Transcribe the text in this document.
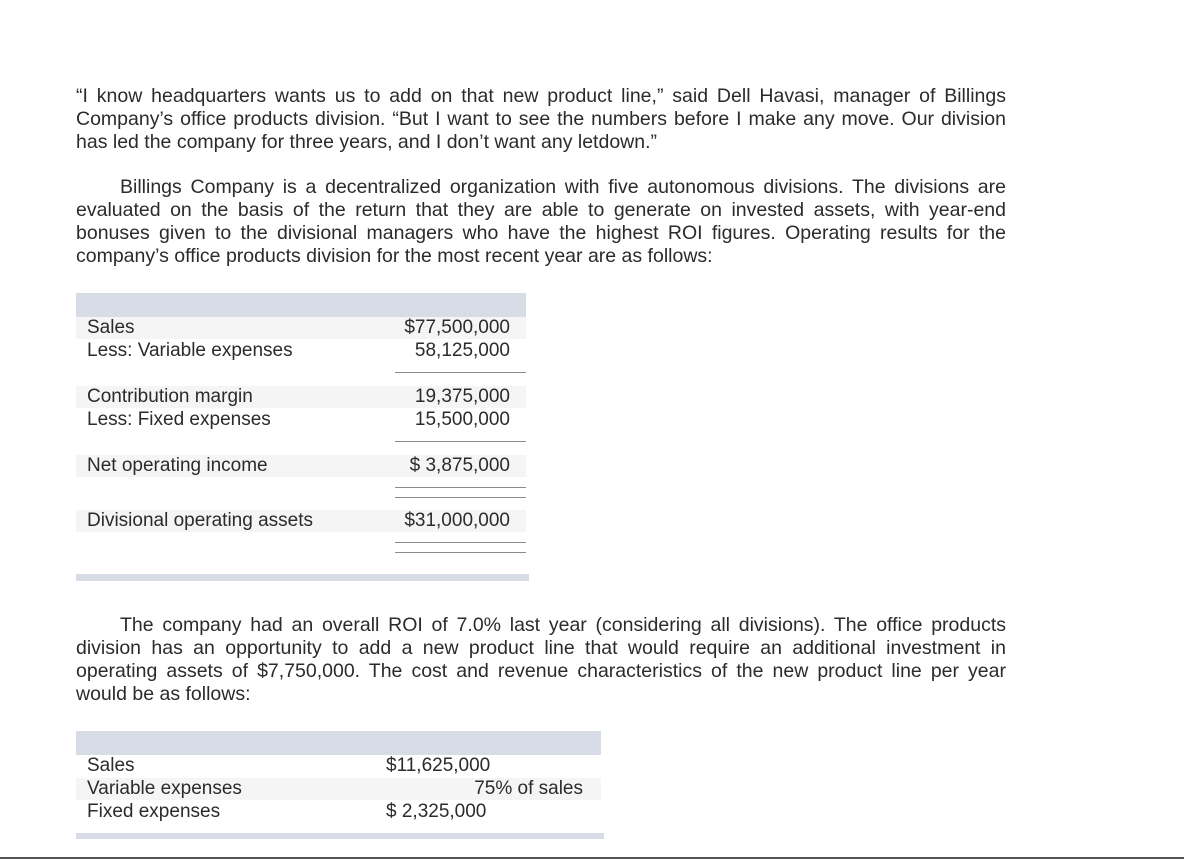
“I know headquarters wants us to add on that new product line,” said Dell Havasi, manager of Billings Company’s office products division. “But I want to see the numbers before I make any move. Our division has led the company for three years, and I don’t want any letdown.”

Billings Company is a decentralized organization with five autonomous divisions. The divisions are evaluated on the basis of the return that they are able to generate on invested assets, with year-end bonuses given to the divisional managers who have the highest ROI figures. Operating results for the company’s office products division for the most recent year are as follows:

Sales	$77,500,000
Less: Variable expenses	58,125,000
Contribution margin	19,375,000
Less: Fixed expenses	15,500,000
Net operating income	$ 3,875,000
Divisional operating assets	$31,000,000

The company had an overall ROI of 7.0% last year (considering all divisions). The office products division has an opportunity to add a new product line that would require an additional investment in operating assets of $7,750,000. The cost and revenue characteristics of the new product line per year would be as follows:

Sales	$11,625,000
Variable expenses	75% of sales
Fixed expenses	$ 2,325,000
